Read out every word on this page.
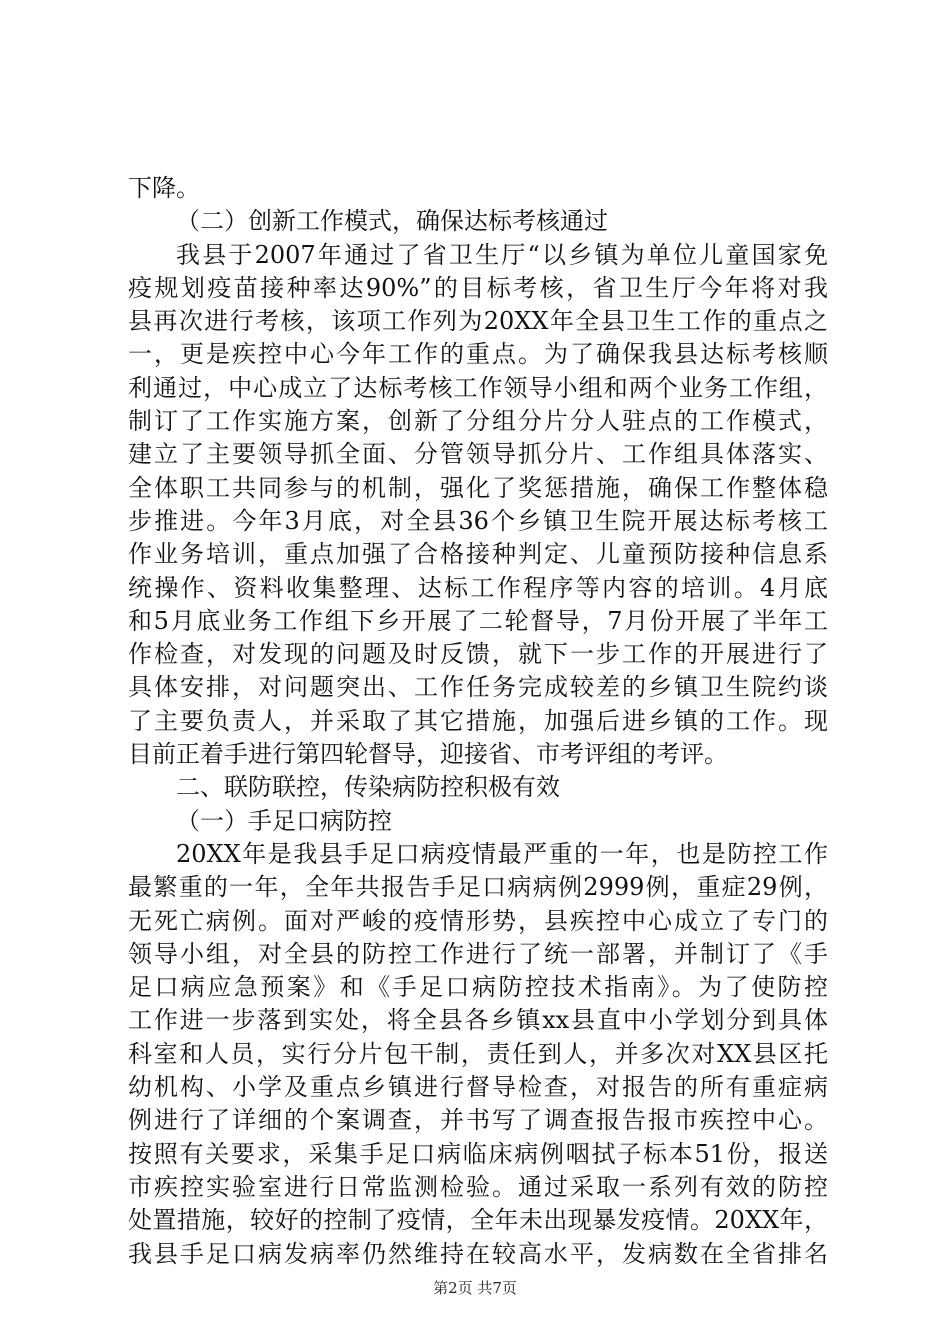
下降。
（二）创新工作模式，确保达标考核通过
我县于2007年通过了省卫生厅“以乡镇为单位儿童国家免
疫规划疫苗接种率达90%”的目标考核，省卫生厅今年将对我
县再次进行考核，该项工作列为20XX年全县卫生工作的重点之
一，更是疾控中心今年工作的重点。为了确保我县达标考核顺
利通过，中心成立了达标考核工作领导小组和两个业务工作组，
制订了工作实施方案，创新了分组分片分人驻点的工作模式，
建立了主要领导抓全面、分管领导抓分片、工作组具体落实、
全体职工共同参与的机制，强化了奖惩措施，确保工作整体稳
步推进。今年3月底，对全县36个乡镇卫生院开展达标考核工
作业务培训，重点加强了合格接种判定、儿童预防接种信息系
统操作、资料收集整理、达标工作程序等内容的培训。4月底
和5月底业务工作组下乡开展了二轮督导，7月份开展了半年工
作检查，对发现的问题及时反馈，就下一步工作的开展进行了
具体安排，对问题突出、工作任务完成较差的乡镇卫生院约谈
了主要负责人，并采取了其它措施，加强后进乡镇的工作。现
目前正着手进行第四轮督导，迎接省、市考评组的考评。
二、联防联控，传染病防控积极有效
（一）手足口病防控
20XX年是我县手足口病疫情最严重的一年，也是防控工作
最繁重的一年，全年共报告手足口病病例2999例，重症29例，
无死亡病例。面对严峻的疫情形势，县疾控中心成立了专门的
领导小组，对全县的防控工作进行了统一部署，并制订了《手
足口病应急预案》和《手足口病防控技术指南》。为了使防控
工作进一步落到实处，将全县各乡镇xx县直中小学划分到具体
科室和人员，实行分片包干制，责任到人，并多次对XX县区托
幼机构、小学及重点乡镇进行督导检查，对报告的所有重症病
例进行了详细的个案调查，并书写了调查报告报市疾控中心。
按照有关要求，采集手足口病临床病例咽拭子标本51份，报送
市疾控实验室进行日常监测检验。通过采取一系列有效的防控
处置措施，较好的控制了疫情，全年未出现暴发疫情。20XX年，
我县手足口病发病率仍然维持在较高水平，发病数在全省排名
第2页 共7页
